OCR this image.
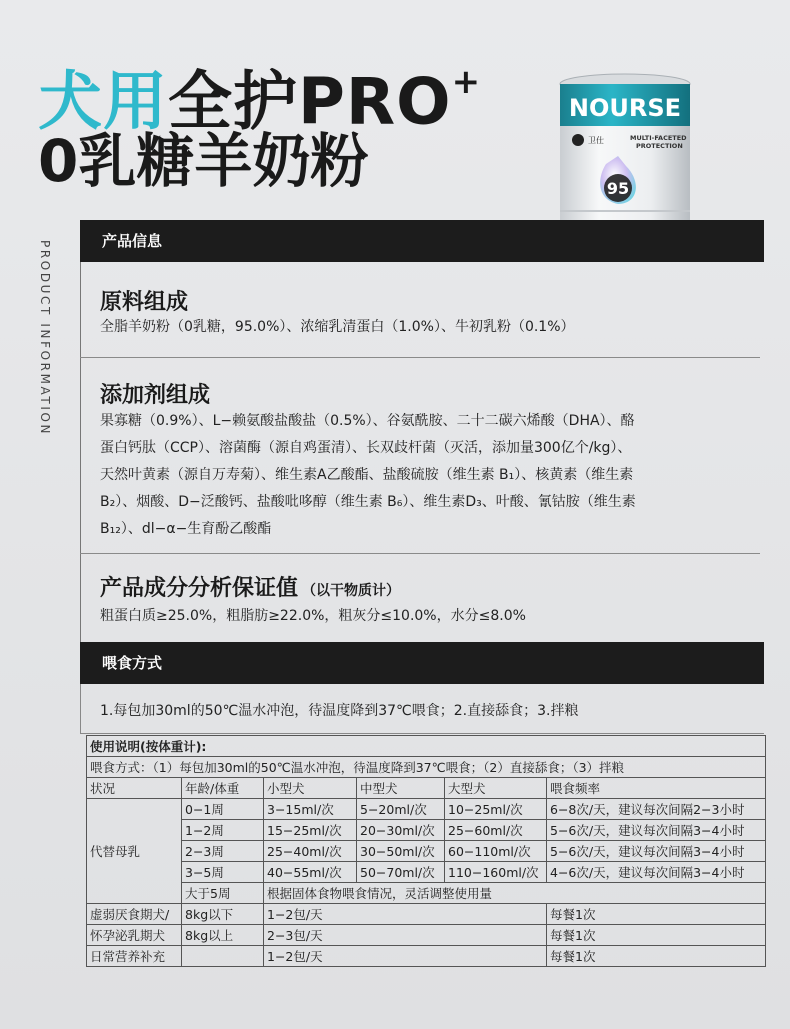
犬用全护PRO+
0乳糖羊奶粉
NOURSE
卫仕	MULTI-FACETED
PROTECTION
95
PRODUCT INFORMATION	产品信息
原料组成
全脂羊奶粉（0乳糖，95.0%）、浓缩乳清蛋白（1.0%）、牛初乳粉（0.1%）
添加剂组成
果寡糖（0.9%）、L−赖氨酸盐酸盐（0.5%）、谷氨酰胺、二十二碳六烯酸（DHA）、酪
蛋白钙肽（CCP）、溶菌酶（源自鸡蛋清）、长双歧杆菌（灭活，添加量300亿个/kg）、
天然叶黄素（源自万寿菊）、维生素A乙酸酯、盐酸硫胺（维生素 B₁）、核黄素（维生素
B₂）、烟酸、D−泛酸钙、盐酸吡哆醇（维生素 B₆）、维生素D₃、叶酸、氰钴胺（维生素
B₁₂）、dl−α−生育酚乙酸酯
产品成分分析保证值 （以干物质计）
粗蛋白质≥25.0%，粗脂肪≥22.0%，粗灰分≤10.0%，水分≤8.0%
喂食方式
1.每包加30ml的50℃温水冲泡，待温度降到37℃喂食；2.直接舔食；3.拌粮
使用说明(按体重计):					
喂食方式：（1）每包加30ml的50℃温水冲泡，待温度降到37℃喂食；（2）直接舔食；（3）拌粮					
状况	年龄/体重	小型犬	中型犬	大型犬	喂食频率
代替母乳	0−1周	3−15ml/次	5−20ml/次	10−25ml/次	6−8次/天，建议每次间隔2−3小时
	1−2周	15−25ml/次	20−30ml/次	25−60ml/次	5−6次/天，建议每次间隔3−4小时
	2−3周	25−40ml/次	30−50ml/次	60−110ml/次	5−6次/天，建议每次间隔3−4小时
	3−5周	40−55ml/次	50−70ml/次	110−160ml/次	4−6次/天，建议每次间隔3−4小时
	大于5周	根据固体食物喂食情况，灵活调整使用量			
虚弱厌食期犬/	8kg以下	1−2包/天			每餐1次
怀孕泌乳期犬	8kg以上	2−3包/天			每餐1次
日常营养补充		1−2包/天			每餐1次
